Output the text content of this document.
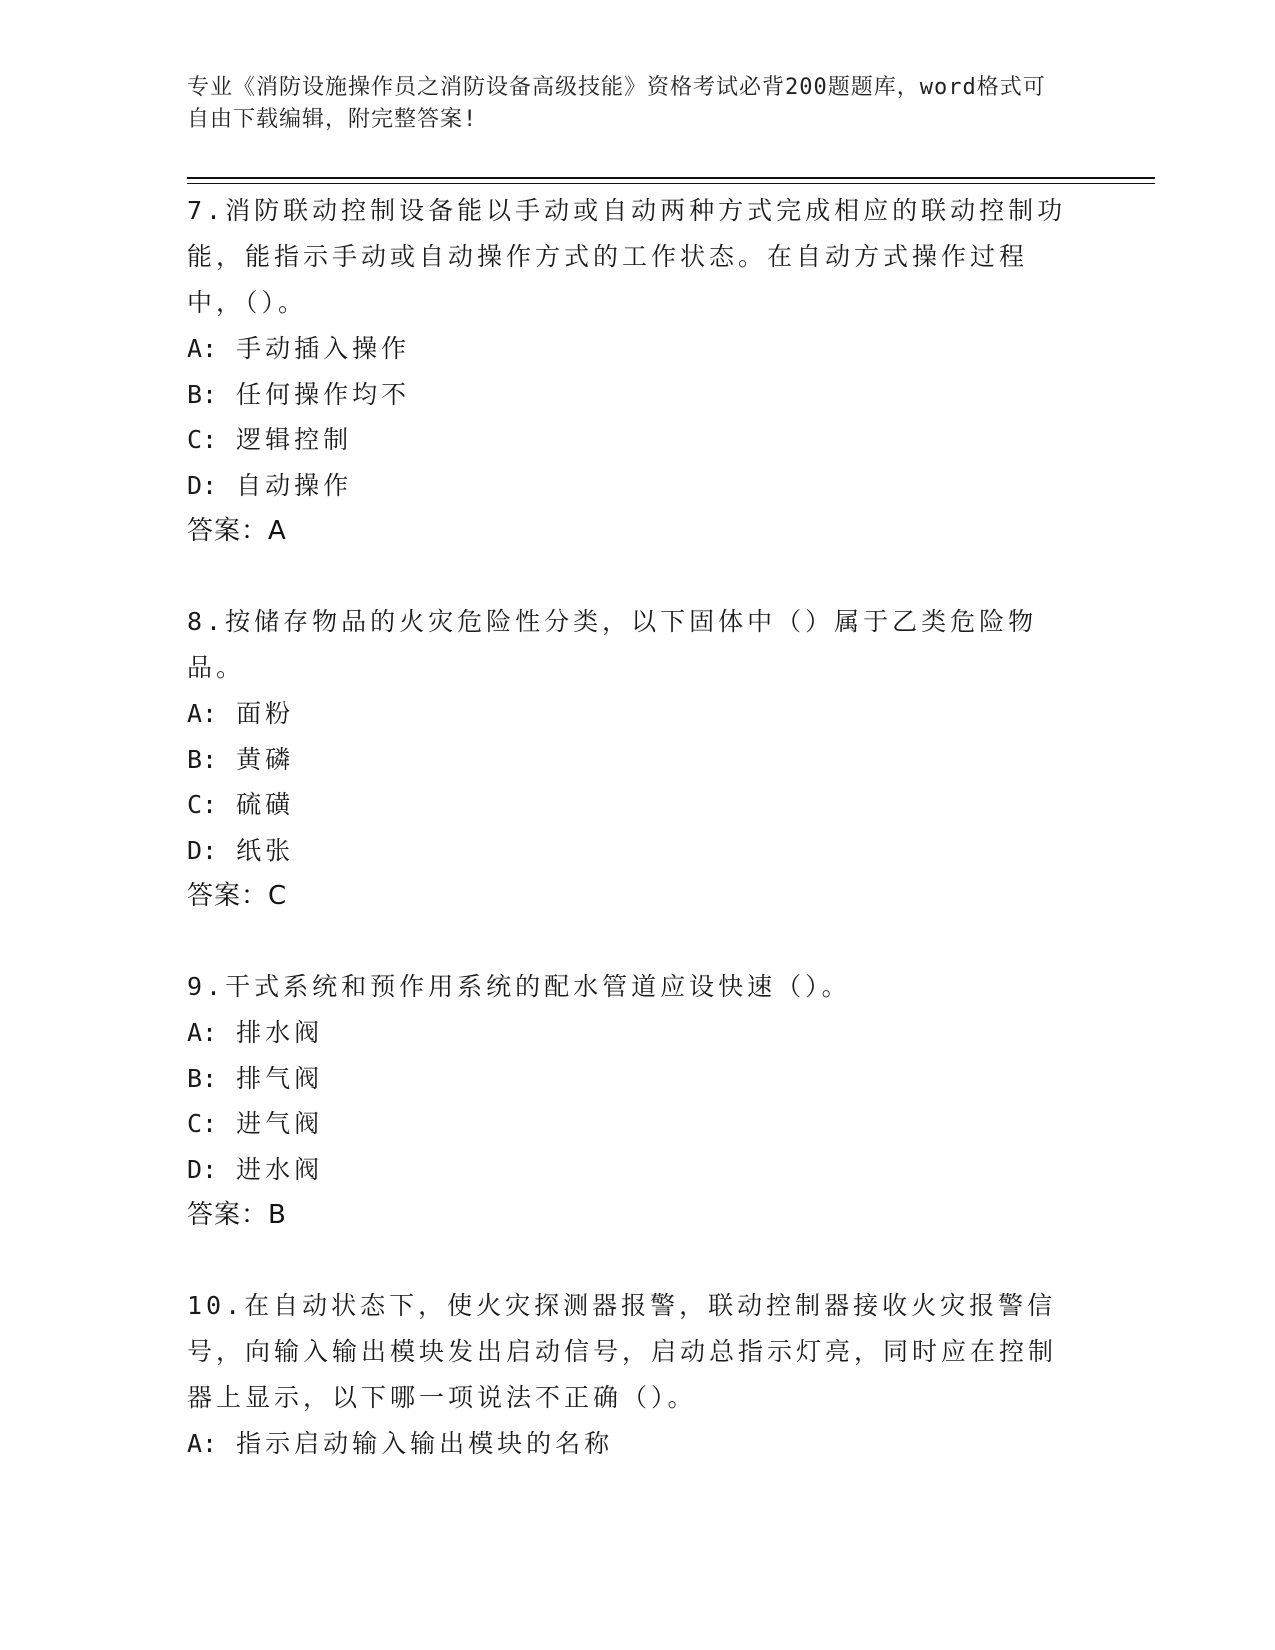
专业《消防设施操作员之消防设备高级技能》资格考试必背200题题库，word格式可自由下载编辑，附完整答案!
7.消防联动控制设备能以手动或自动两种方式完成相应的联动控制功能，能指示手动或自动操作方式的工作状态。在自动方式操作过程中，（）。
A: 手动插入操作
B: 任何操作均不
C: 逻辑控制
D: 自动操作
答案：A
8.按储存物品的火灾危险性分类，以下固体中（）属于乙类危险物品。
A: 面粉
B: 黄磷
C: 硫磺
D: 纸张
答案：C
9.干式系统和预作用系统的配水管道应设快速（）。
A: 排水阀
B: 排气阀
C: 进气阀
D: 进水阀
答案：B
10.在自动状态下，使火灾探测器报警，联动控制器接收火灾报警信号，向输入输出模块发出启动信号，启动总指示灯亮，同时应在控制器上显示，以下哪一项说法不正确（）。
A: 指示启动输入输出模块的名称
